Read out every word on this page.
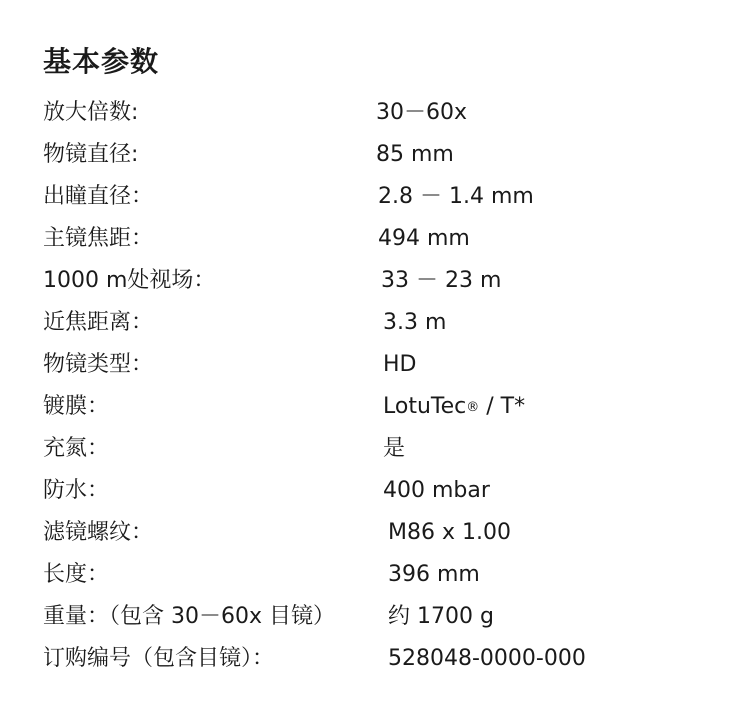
基本参数
放大倍数:	30－60x
物镜直径:	85 mm
出瞳直径：	2.8 － 1.4 mm
主镜焦距：	494 mm
1000 m处视场：	33 － 23 m
近焦距离：	3.3 m
物镜类型：	HD
镀膜：	LotuTec® / T*
充氮：	是
防水：	400 mbar
滤镜螺纹：	M86 x 1.00
长度：	396 mm
重量：（包含 30－60x 目镜） 约 1700 g
订购编号（包含目镜）：	528048-0000-000
